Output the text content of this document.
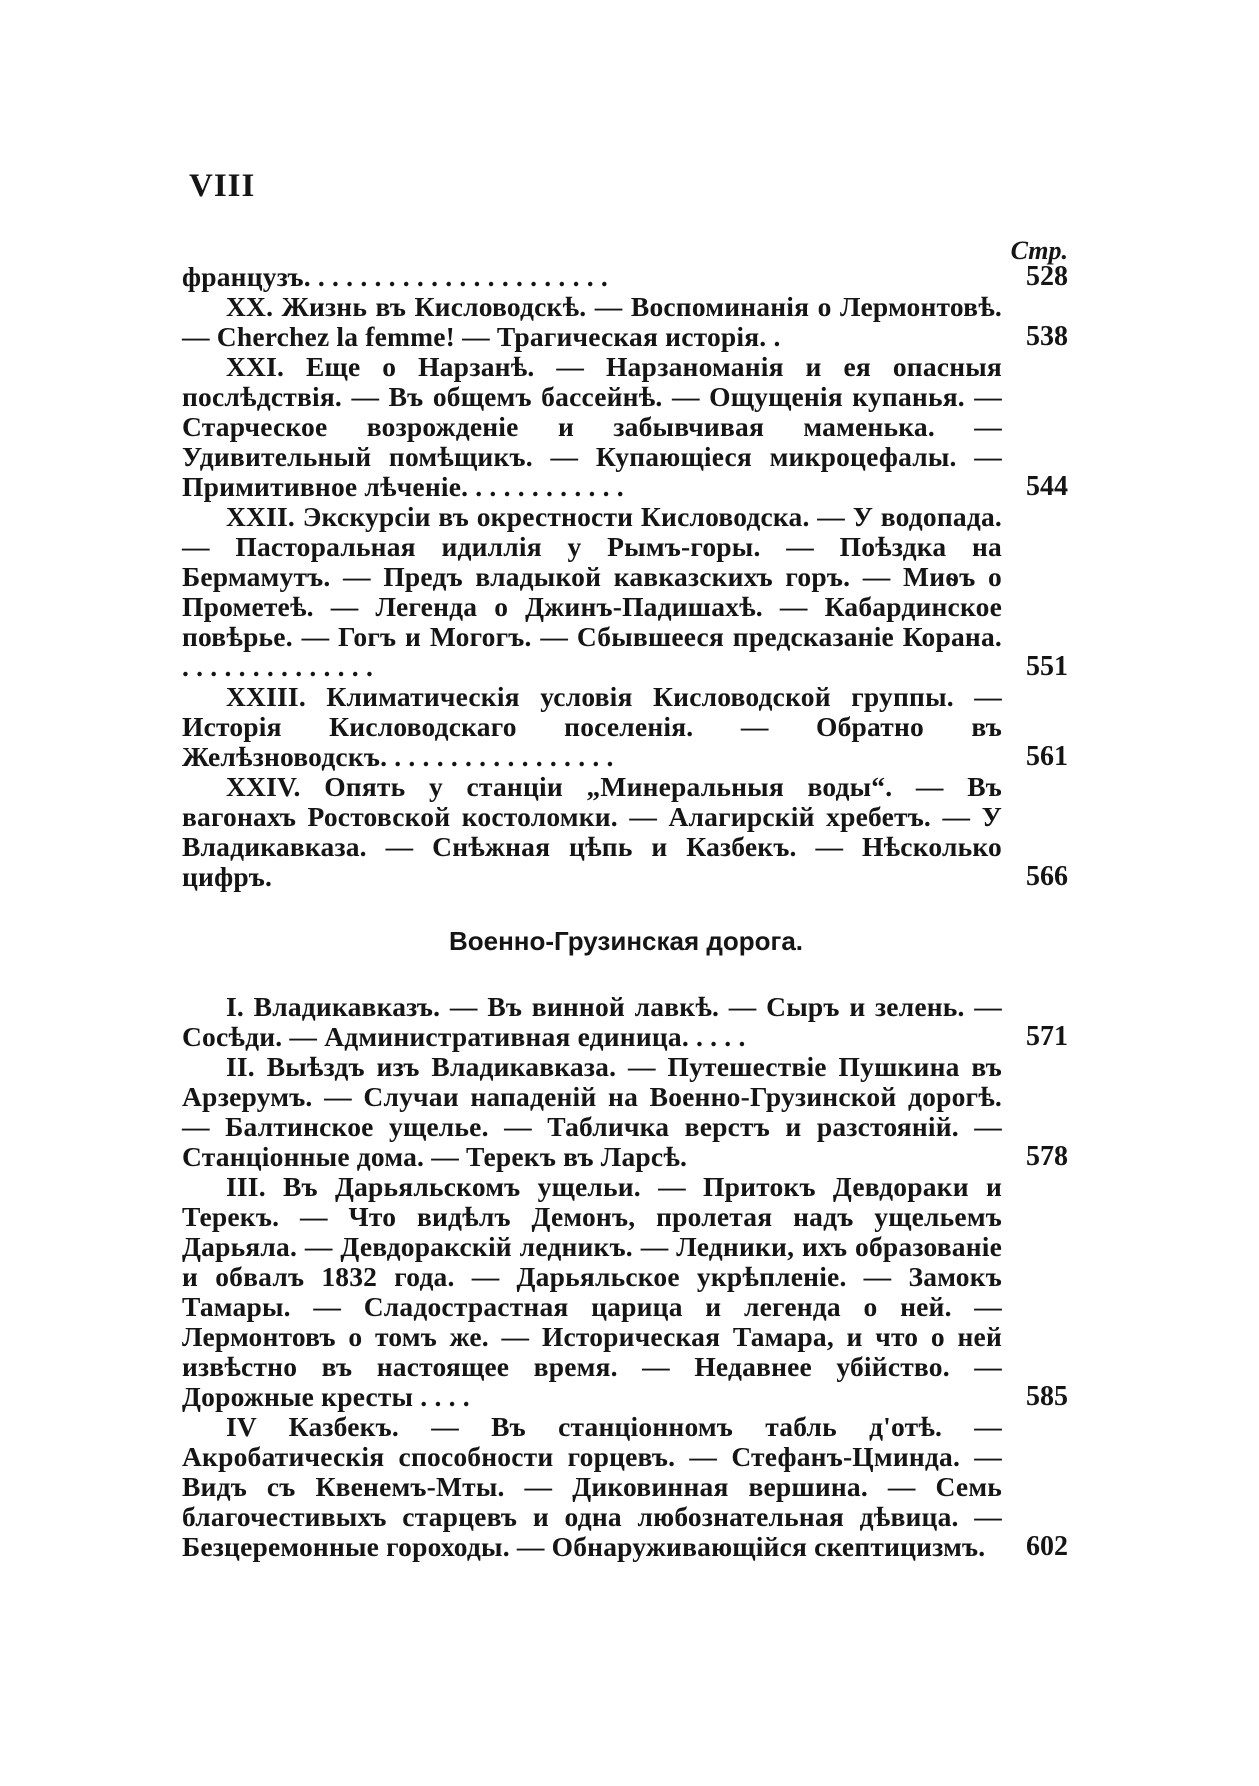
VIII
Стр.
французъ. . . . . . . . . . . . . . . . . . . . . .	528
XX. Жизнь въ Кисловодскѣ. — Воспоминанія о Лермонтовѣ. — Cherchez la femme! — Трагическая исторія. .	538
XXI. Еще о Нарзанѣ. — Нарзаноманія и ея опасныя послѣдствія. — Въ общемъ бассейнѣ. — Ощущенія купанья. — Старческое возрожденіе и забывчивая маменька. — Удивительный помѣщикъ. — Купающіеся микроцефалы. — Примитивное лѣченіе. . . . . . . . . . . .	544
XXII. Экскурсіи въ окрестности Кисловодска. — У водопада. — Пасторальная идиллія у Рымъ-горы. — Поѣздка на Бермамутъ. — Предъ владыкой кавказскихъ горъ. — Миѳъ о Прометеѣ. — Легенда о Джинъ-Падишахѣ. — Кабардинское повѣрье. — Гогъ и Могогъ. — Сбывшееся предсказаніе Корана. . . . . . . . . . . . . . .	551
XXIII. Климатическія условія Кисловодской группы. — Исторія Кисловодскаго поселенія. — Обратно въ Желѣзноводскъ. . . . . . . . . . . . . . . . .	561
XXIV. Опять у станціи „Минеральныя воды“. — Въ вагонахъ Ростовской костоломки. — Алагирскій хребетъ. — У Владикавказа. — Снѣжная цѣпь и Казбекъ. — Нѣсколько цифръ.	566
Военно-Грузинская дорога.
I. Владикавказъ. — Въ винной лавкѣ. — Сыръ и зелень. — Сосѣди. — Административная единица. . . . .	571
II. Выѣздъ изъ Владикавказа. — Путешествіе Пушкина въ Арзерумъ. — Случаи нападеній на Военно-Грузинской дорогѣ. — Балтинское ущелье. — Табличка верстъ и разстояній. — Станціонные дома. — Терекъ въ Ларсѣ.	578
III. Въ Дарьяльскомъ ущельи. — Притокъ Девдораки и Терекъ. — Что видѣлъ Демонъ, пролетая надъ ущельемъ Дарьяла. — Девдоракскій ледникъ. — Ледники, ихъ образованіе и обвалъ 1832 года. — Дарьяльское укрѣпленіе. — Замокъ Тамары. — Сладострастная царица и легенда о ней. — Лермонтовъ о томъ же. — Историческая Тамара, и что о ней извѣстно въ настоящее время. — Недавнее убійство. — Дорожные кресты . . . .	585
IV Казбекъ. — Въ станціонномъ табль д'отѣ. — Акробатическія способности горцевъ. — Стефанъ-Цминда. — Видъ съ Квенемъ-Мты. — Диковинная вершина. — Семь благочестивыхъ старцевъ и одна любознательная дѣвица. — Безцеремонные гороходы. — Обнаруживающійся скептицизмъ.	602
